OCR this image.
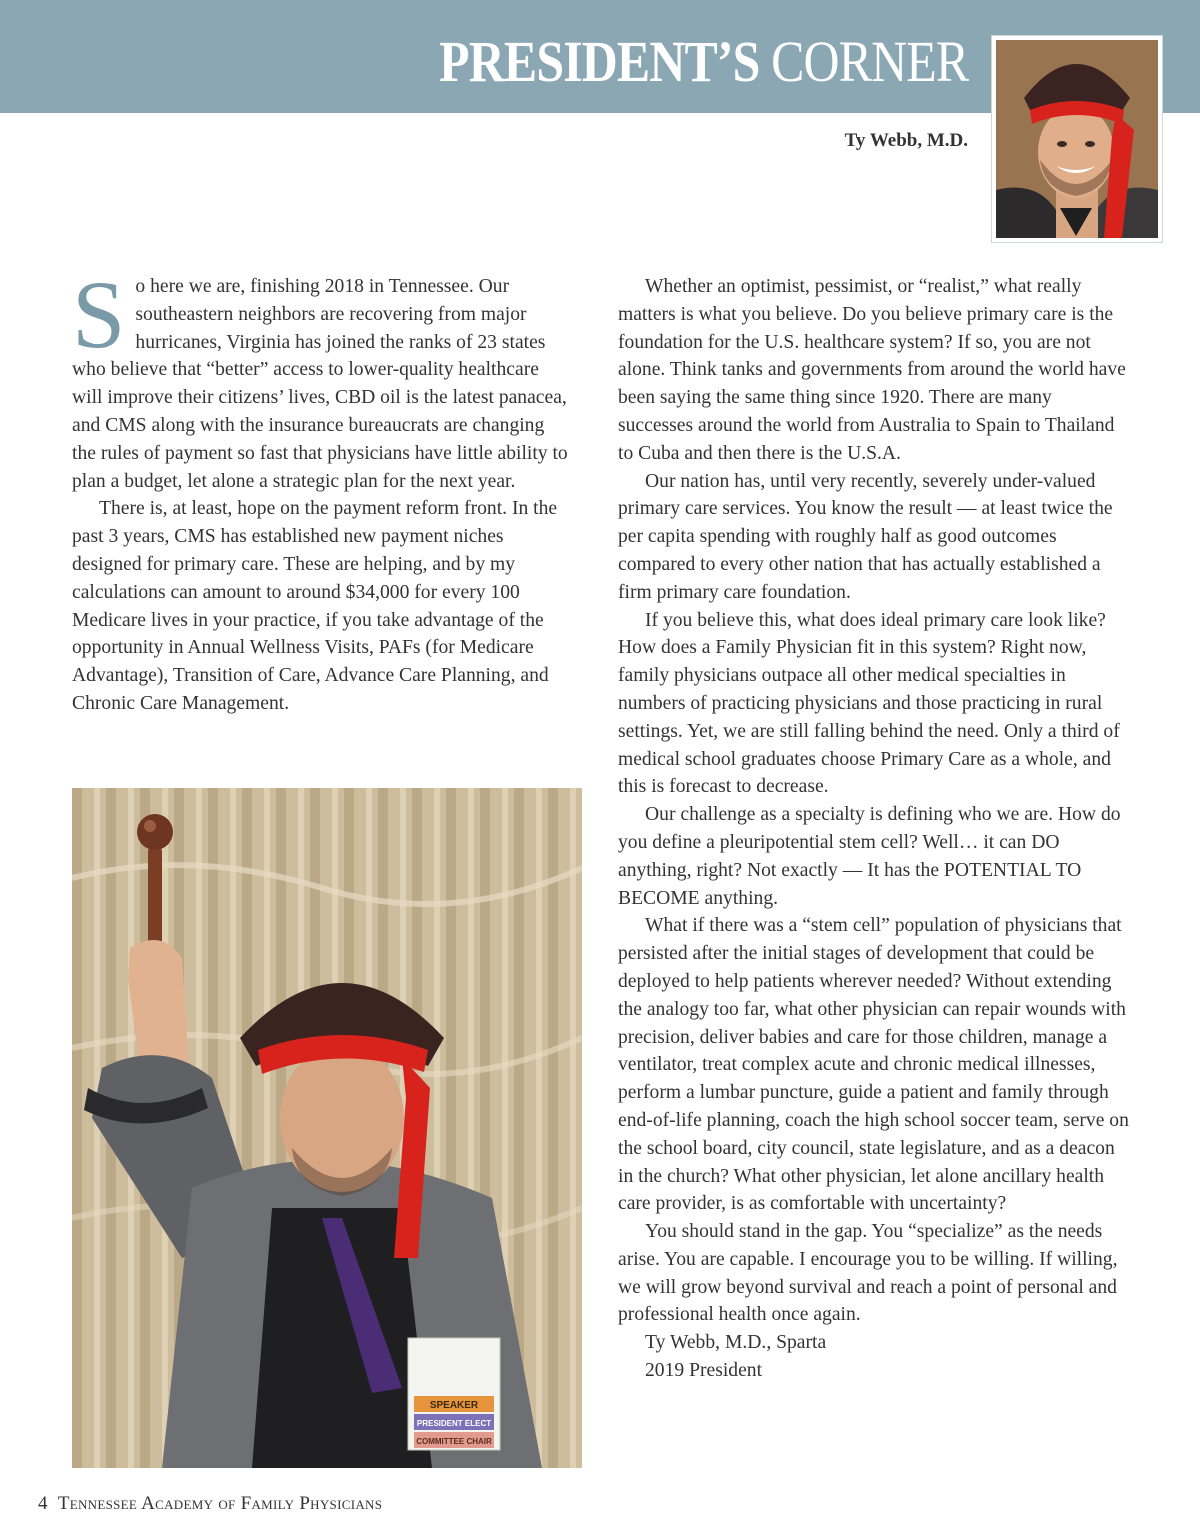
PRESIDENT’S CORNER
Ty Webb, M.D.

So here we are, finishing 2018 in Tennessee. Our southeastern neighbors are recovering from major hurricanes, Virginia has joined the ranks of 23 states who believe that “better” access to lower-quality healthcare will improve their citizens’ lives, CBD oil is the latest panacea, and CMS along with the insurance bureaucrats are changing the rules of payment so fast that physicians have little ability to plan a budget, let alone a strategic plan for the next year.

There is, at least, hope on the payment reform front. In the past 3 years, CMS has established new payment niches designed for primary care. These are helping, and by my calculations can amount to around $34,000 for every 100 Medicare lives in your practice, if you take advantage of the opportunity in Annual Wellness Visits, PAFs (for Medicare Advantage), Transition of Care, Advance Care Planning, and Chronic Care Management.

SPEAKER
PRESIDENT ELECT
COMMITTEE CHAIR

Whether an optimist, pessimist, or “realist,” what really matters is what you believe. Do you believe primary care is the foundation for the U.S. healthcare system? If so, you are not alone. Think tanks and governments from around the world have been saying the same thing since 1920. There are many successes around the world from Australia to Spain to Thailand to Cuba and then there is the U.S.A.

Our nation has, until very recently, severely under-valued primary care services. You know the result — at least twice the per capita spending with roughly half as good outcomes compared to every other nation that has actually established a firm primary care foundation.

If you believe this, what does ideal primary care look like? How does a Family Physician fit in this system? Right now, family physicians outpace all other medical specialties in numbers of practicing physicians and those practicing in rural settings. Yet, we are still falling behind the need. Only a third of medical school graduates choose Primary Care as a whole, and this is forecast to decrease.

Our challenge as a specialty is defining who we are. How do you define a pleuripotential stem cell? Well… it can DO anything, right? Not exactly — It has the POTENTIAL TO BECOME anything.

What if there was a “stem cell” population of physicians that persisted after the initial stages of development that could be deployed to help patients wherever needed? Without extending the analogy too far, what other physician can repair wounds with precision, deliver babies and care for those children, manage a ventilator, treat complex acute and chronic medical illnesses, perform a lumbar puncture, guide a patient and family through end-of-life planning, coach the high school soccer team, serve on the school board, city council, state legislature, and as a deacon in the church? What other physician, let alone ancillary health care provider, is as comfortable with uncertainty?

You should stand in the gap. You “specialize” as the needs arise. You are capable. I encourage you to be willing. If willing, we will grow beyond survival and reach a point of personal and professional health once again.

Ty Webb, M.D., Sparta

2019 President

4 Tennessee Academy of Family Physicians
